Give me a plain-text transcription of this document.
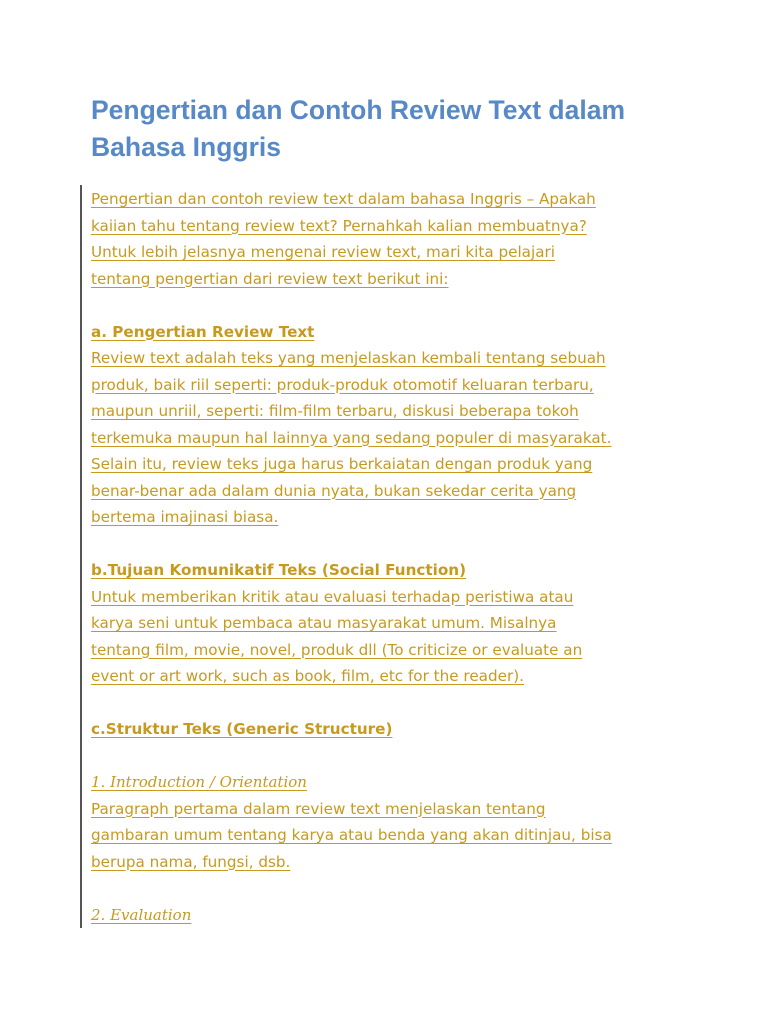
Pengertian dan Contoh Review Text dalam
Bahasa Inggris

Pengertian dan contoh review text dalam bahasa Inggris – Apakah
kaiian tahu tentang review text? Pernahkah kalian membuatnya?
Untuk lebih jelasnya mengenai review text, mari kita pelajari
tentang pengertian dari review text berikut ini:

a. Pengertian Review Text
Review text adalah teks yang menjelaskan kembali tentang sebuah
produk, baik riil seperti: produk-produk otomotif keluaran terbaru,
maupun unriil, seperti: film-film terbaru, diskusi beberapa tokoh
terkemuka maupun hal lainnya yang sedang populer di masyarakat.
Selain itu, review teks juga harus berkaiatan dengan produk yang
benar-benar ada dalam dunia nyata, bukan sekedar cerita yang
bertema imajinasi biasa.

b.Tujuan Komunikatif Teks (Social Function)
Untuk memberikan kritik atau evaluasi terhadap peristiwa atau
karya seni untuk pembaca atau masyarakat umum. Misalnya
tentang film, movie, novel, produk dll (To criticize or evaluate an
event or art work, such as book, film, etc for the reader).

c.Struktur Teks (Generic Structure)

1. Introduction / Orientation
Paragraph pertama dalam review text menjelaskan tentang
gambaran umum tentang karya atau benda yang akan ditinjau, bisa
berupa nama, fungsi, dsb.

2. Evaluation
